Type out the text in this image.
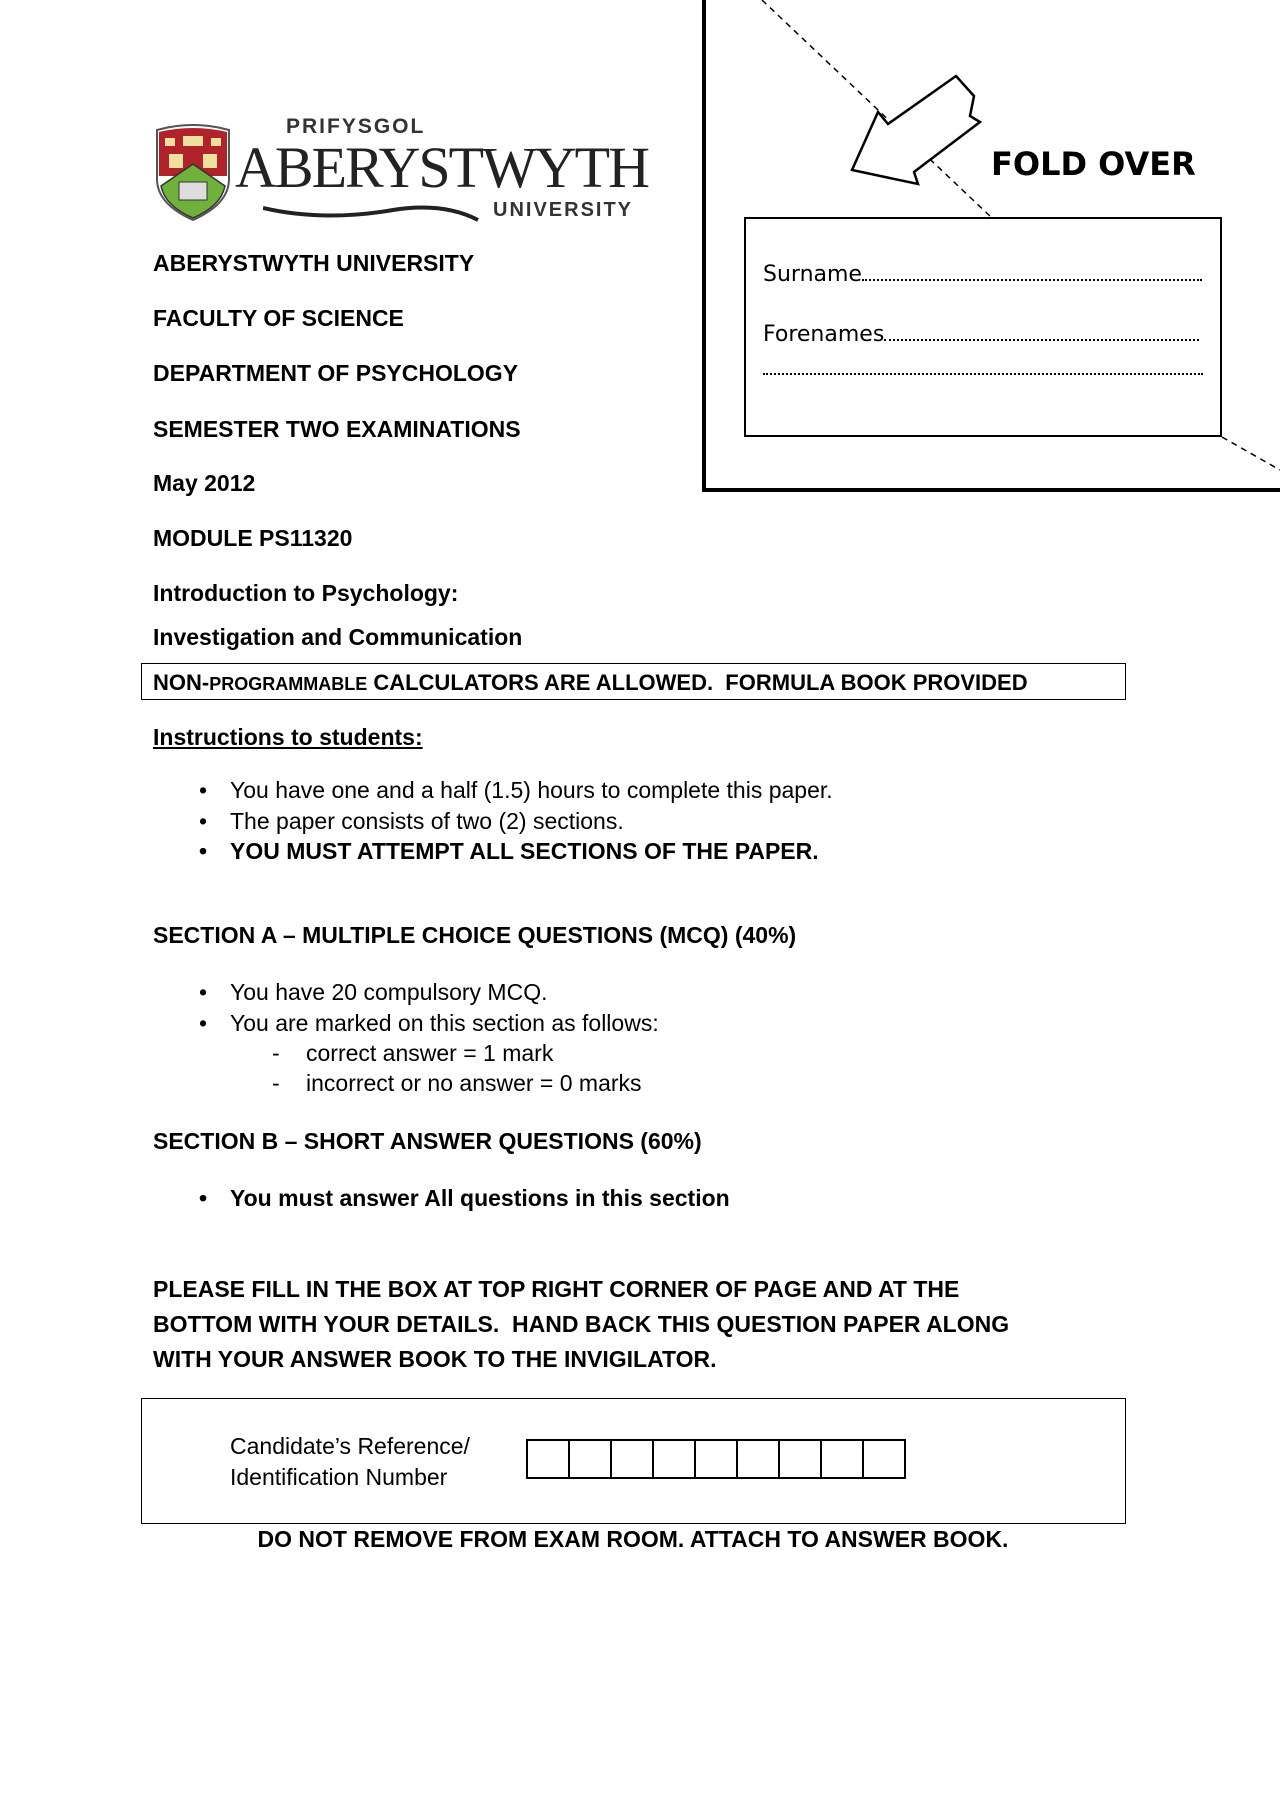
PRIFYSGOL
ABERYSTWYTH
UNIVERSITY
FOLD OVER
Surname
Forenames
ABERYSTWYTH UNIVERSITY
FACULTY OF SCIENCE
DEPARTMENT OF PSYCHOLOGY
SEMESTER TWO EXAMINATIONS
May 2012
MODULE PS11320
Introduction to Psychology:
Investigation and Communication
NON-PROGRAMMABLE CALCULATORS ARE ALLOWED.  FORMULA BOOK PROVIDED
Instructions to students:
• You have one and a half (1.5) hours to complete this paper.
• The paper consists of two (2) sections.
• YOU MUST ATTEMPT ALL SECTIONS OF THE PAPER.
SECTION A – MULTIPLE CHOICE QUESTIONS (MCQ) (40%)
• You have 20 compulsory MCQ.
• You are marked on this section as follows:
- correct answer = 1 mark
- incorrect or no answer = 0 marks
SECTION B – SHORT ANSWER QUESTIONS (60%)
• You must answer All questions in this section
PLEASE FILL IN THE BOX AT TOP RIGHT CORNER OF PAGE AND AT THE
BOTTOM WITH YOUR DETAILS.  HAND BACK THIS QUESTION PAPER ALONG
WITH YOUR ANSWER BOOK TO THE INVIGILATOR.
Candidate’s Reference/
Identification Number
DO NOT REMOVE FROM EXAM ROOM. ATTACH TO ANSWER BOOK.
